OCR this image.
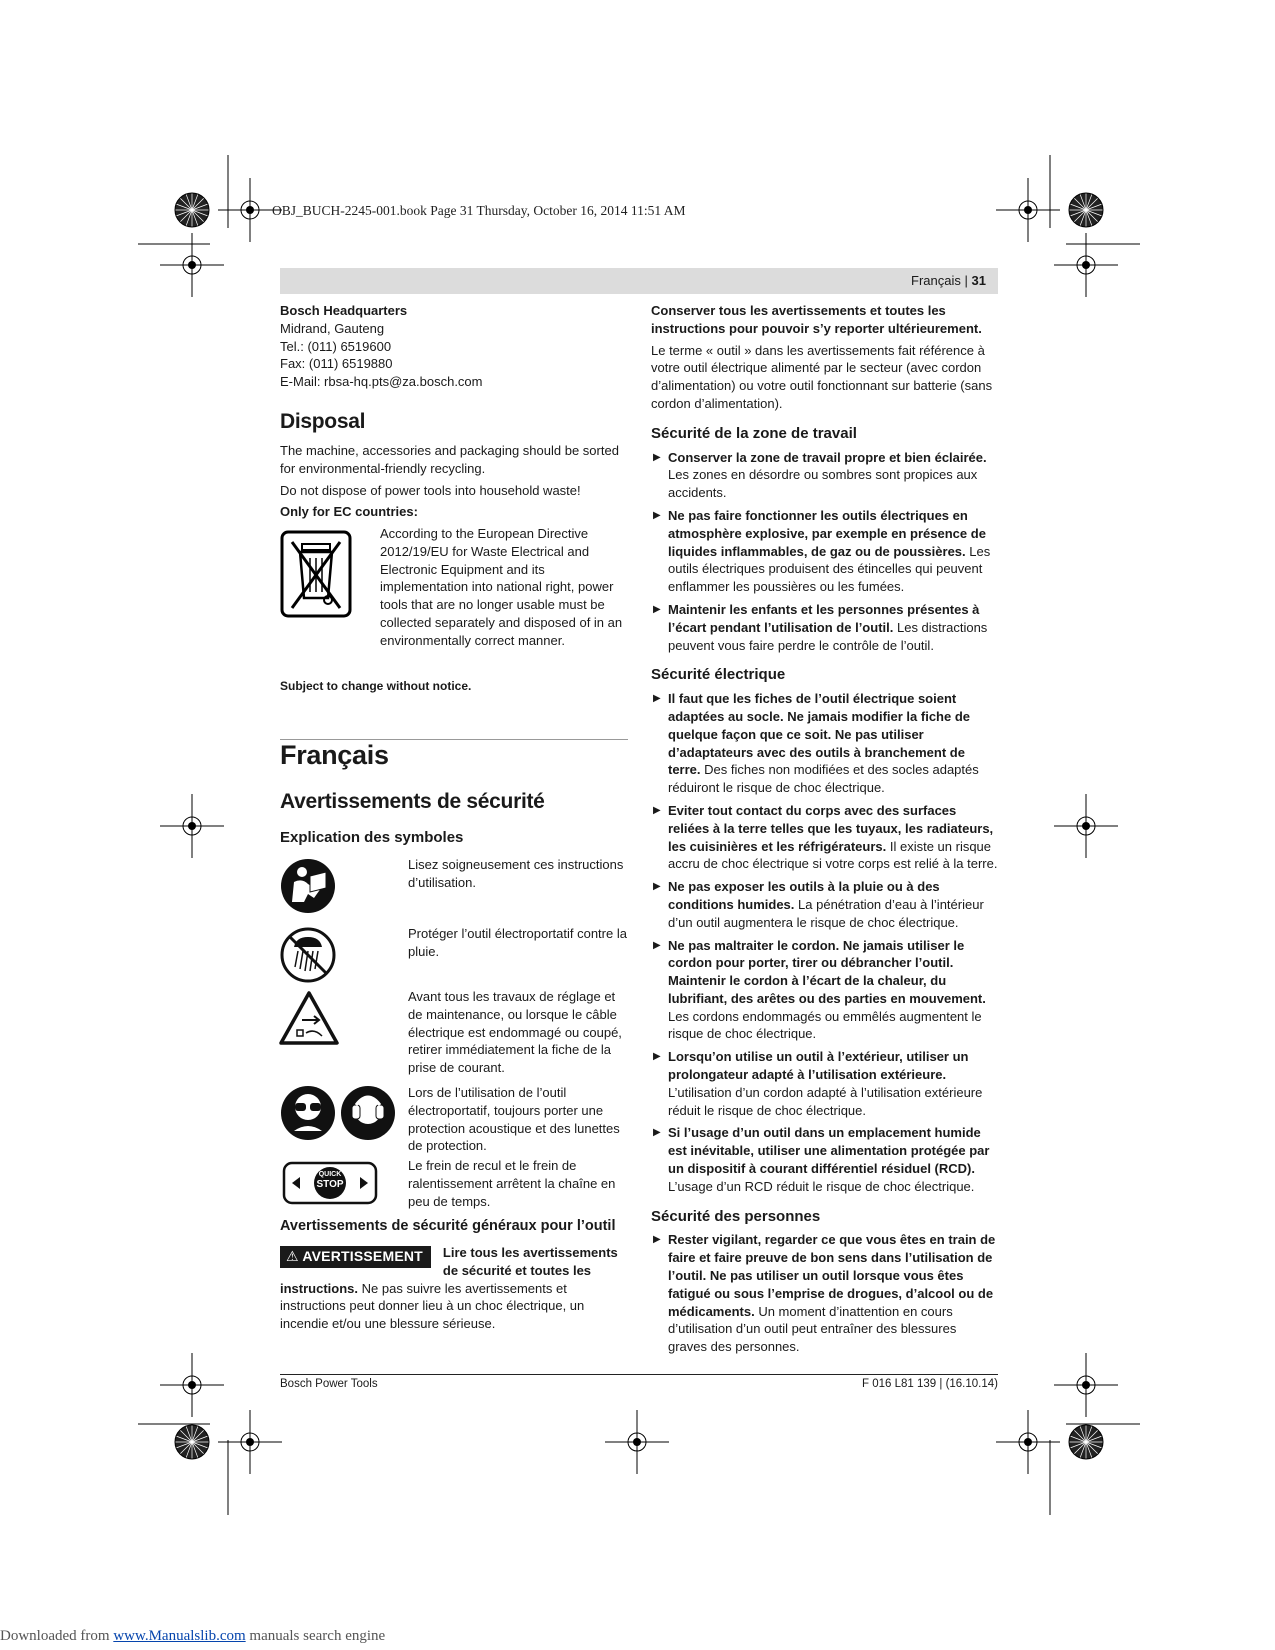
OBJ_BUCH-2245-001.book Page 31 Thursday, October 16, 2014 11:51 AM
Français | 31
Bosch Headquarters
Midrand, Gauteng
Tel.: (011) 6519600
Fax: (011) 6519880
E-Mail: rbsa-hq.pts@za.bosch.com
Disposal

The machine, accessories and packaging should be sorted for environmental-friendly recycling.

Do not dispose of power tools into household waste!

Only for EC countries:

According to the European Directive 2012/19/EU for Waste Electrical and Electronic Equipment and its implementation into national right, power tools that are no longer usable must be collected separately and disposed of in an environmentally correct manner.
Subject to change without notice.
Français
Avertissements de sécurité
Explication des symboles
Lisez soigneusement ces instructions d’utilisation.
Protéger l’outil électroportatif contre la pluie.
Avant tous les travaux de réglage et de maintenance, ou lorsque le câble électrique est endommagé ou coupé, retirer immédiatement la fiche de la prise de courant.
Lors de l’utilisation de l’outil électroportatif, toujours porter une protection acoustique et des lunettes de protection.
QUICK
STOP
Le frein de recul et le frein de ralentissement arrêtent la chaîne en peu de temps.
Avertissements de sécurité généraux pour l’outil
⚠ AVERTISSEMENT	Lire tous les avertissements de sécurité et toutes les instructions. Ne pas suivre les avertissements et instructions peut donner lieu à un choc électrique, un incendie et/ou une blessure sérieuse.

Conserver tous les avertissements et toutes les instructions pour pouvoir s’y reporter ultérieurement.

Le terme « outil » dans les avertissements fait référence à votre outil électrique alimenté par le secteur (avec cordon d’alimentation) ou votre outil fonctionnant sur batterie (sans cordon d’alimentation).

Sécurité de la zone de travail
▶ Conserver la zone de travail propre et bien éclairée. Les zones en désordre ou sombres sont propices aux accidents.
▶ Ne pas faire fonctionner les outils électriques en atmosphère explosive, par exemple en présence de liquides inflammables, de gaz ou de poussières. Les outils électriques produisent des étincelles qui peuvent enflammer les poussières ou les fumées.
▶ Maintenir les enfants et les personnes présentes à l’écart pendant l’utilisation de l’outil. Les distractions peuvent vous faire perdre le contrôle de l’outil.
Sécurité électrique
▶ Il faut que les fiches de l’outil électrique soient adaptées au socle. Ne jamais modifier la fiche de quelque façon que ce soit. Ne pas utiliser d’adaptateurs avec des outils à branchement de terre. Des fiches non modifiées et des socles adaptés réduiront le risque de choc électrique.
▶ Eviter tout contact du corps avec des surfaces reliées à la terre telles que les tuyaux, les radiateurs, les cuisinières et les réfrigérateurs. Il existe un risque accru de choc électrique si votre corps est relié à la terre.
▶ Ne pas exposer les outils à la pluie ou à des conditions humides. La pénétration d’eau à l’intérieur d’un outil augmentera le risque de choc électrique.
▶ Ne pas maltraiter le cordon. Ne jamais utiliser le cordon pour porter, tirer ou débrancher l’outil. Maintenir le cordon à l’écart de la chaleur, du lubrifiant, des arêtes ou des parties en mouvement. Les cordons endommagés ou emmêlés augmentent le risque de choc électrique.
▶ Lorsqu’on utilise un outil à l’extérieur, utiliser un prolongateur adapté à l’utilisation extérieure. L’utilisation d’un cordon adapté à l’utilisation extérieure réduit le risque de choc électrique.
▶ Si l’usage d’un outil dans un emplacement humide est inévitable, utiliser une alimentation protégée par un dispositif à courant différentiel résiduel (RCD). L’usage d’un RCD réduit le risque de choc électrique.
Sécurité des personnes
▶ Rester vigilant, regarder ce que vous êtes en train de faire et faire preuve de bon sens dans l’utilisation de l’outil. Ne pas utiliser un outil lorsque vous êtes fatigué ou sous l’emprise de drogues, d’alcool ou de médicaments. Un moment d’inattention en cours d’utilisation d’un outil peut entraîner des blessures graves des personnes.
Bosch Power Tools	F 016 L81 139 | (16.10.14)
Downloaded from www.Manualslib.com manuals search engine
